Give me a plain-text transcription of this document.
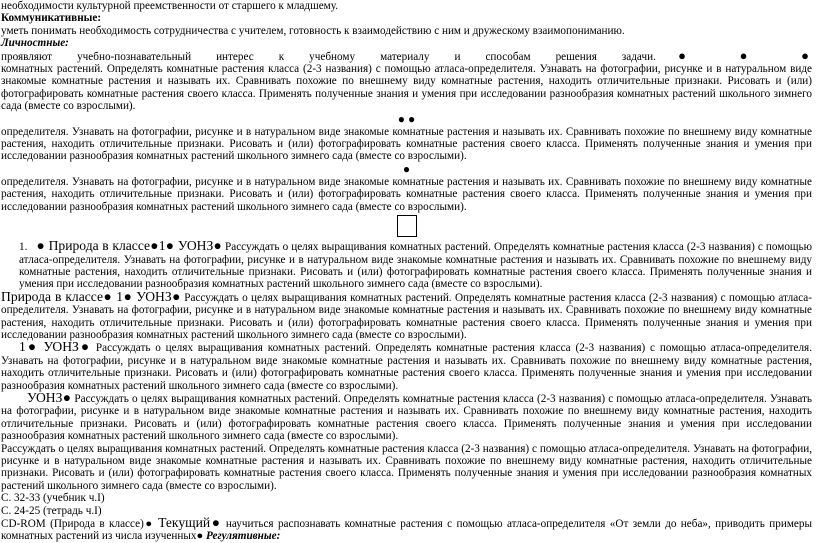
необходимости культурной преемственности от старшего к младшему.

Коммуникативные:

уметь понимать необходимость сотрудничества с учителем, готовность к взаимодействию с ним и дружескому взаимопониманию.

Личностные:

проявляют учебно-познавательный интерес к учебному материалу и способам решения задачи.● ● ●

комнатных растений. Определять комнатные растения класса (2-3 названия) с помощью атласа-определителя. Узнавать на фотографии, рисунке и в натуральном виде знакомые комнатные растения и называть их. Сравнивать похожие по внешнему виду комнатные растения, находить отличительные признаки. Рисовать и (или) фотографировать комнатные растения своего класса. Применять полученные знания и умения при исследовании разнообразия комнатных растений школьного зимнего сада (вместе со взрослыми).

● ●

определителя. Узнавать на фотографии, рисунке и в натуральном виде знакомые комнатные растения и называть их. Сравнивать похожие по внешнему виду комнатные растения, находить отличительные признаки. Рисовать и (или) фотографировать комнатные растения своего класса. Применять полученные знания и умения при исследовании разнообразия комнатных растений школьного зимнего сада (вместе со взрослыми).

●

определителя. Узнавать на фотографии, рисунке и в натуральном виде знакомые комнатные растения и называть их. Сравнивать похожие по внешнему виду комнатные растения, находить отличительные признаки. Рисовать и (или) фотографировать комнатные растения своего класса. Применять полученные знания и умения при исследовании разнообразия комнатных растений школьного зимнего сада (вместе со взрослыми).

1. ● Природа в классе●1● УОНЗ● Рассуждать о целях выращивания комнатных растений. Определять комнатные растения класса (2-3 названия) с помощью атласа-определителя. Узнавать на фотографии, рисунке и в натуральном виде знакомые комнатные растения и называть их. Сравнивать похожие по внешнему виду комнатные растения, находить отличительные признаки. Рисовать и (или) фотографировать комнатные растения своего класса. Применять полученные знания и умения при исследовании разнообразия комнатных растений школьного зимнего сада (вместе со взрослыми).

Природа в классе● 1● УОНЗ● Рассуждать о целях выращивания комнатных растений. Определять комнатные растения класса (2-3 названия) с помощью атласа-определителя. Узнавать на фотографии, рисунке и в натуральном виде знакомые комнатные растения и называть их. Сравнивать похожие по внешнему виду комнатные растения, находить отличительные признаки. Рисовать и (или) фотографировать комнатные растения своего класса. Применять полученные знания и умения при исследовании разнообразия комнатных растений школьного зимнего сада (вместе со взрослыми).

1● УОНЗ● Рассуждать о целях выращивания комнатных растений. Определять комнатные растения класса (2-3 названия) с помощью атласа-определителя. Узнавать на фотографии, рисунке и в натуральном виде знакомые комнатные растения и называть их. Сравнивать похожие по внешнему виду комнатные растения, находить отличительные признаки. Рисовать и (или) фотографировать комнатные растения своего класса. Применять полученные знания и умения при исследовании разнообразия комнатных растений школьного зимнего сада (вместе со взрослыми).

УОНЗ● Рассуждать о целях выращивания комнатных растений. Определять комнатные растения класса (2-3 названия) с помощью атласа-определителя. Узнавать на фотографии, рисунке и в натуральном виде знакомые комнатные растения и называть их. Сравнивать похожие по внешнему виду комнатные растения, находить отличительные признаки. Рисовать и (или) фотографировать комнатные растения своего класса. Применять полученные знания и умения при исследовании разнообразия комнатных растений школьного зимнего сада (вместе со взрослыми).

Рассуждать о целях выращивания комнатных растений. Определять комнатные растения класса (2-3 названия) с помощью атласа-определителя. Узнавать на фотографии, рисунке и в натуральном виде знакомые комнатные растения и называть их. Сравнивать похожие по внешнему виду комнатные растения, находить отличительные признаки. Рисовать и (или) фотографировать комнатные растения своего класса. Применять полученные знания и умения при исследовании разнообразия комнатных растений школьного зимнего сада (вместе со взрослыми).

С. 32-33 (учебник ч.I)

С. 24-25 (тетрадь ч.I)

CD-ROM (Природа в классе)● Текущий● научиться распознавать комнатные растения с помощью атласа-определителя «От земли до неба», приводить примеры комнатных растений из числа изученных● Регулятивные:
